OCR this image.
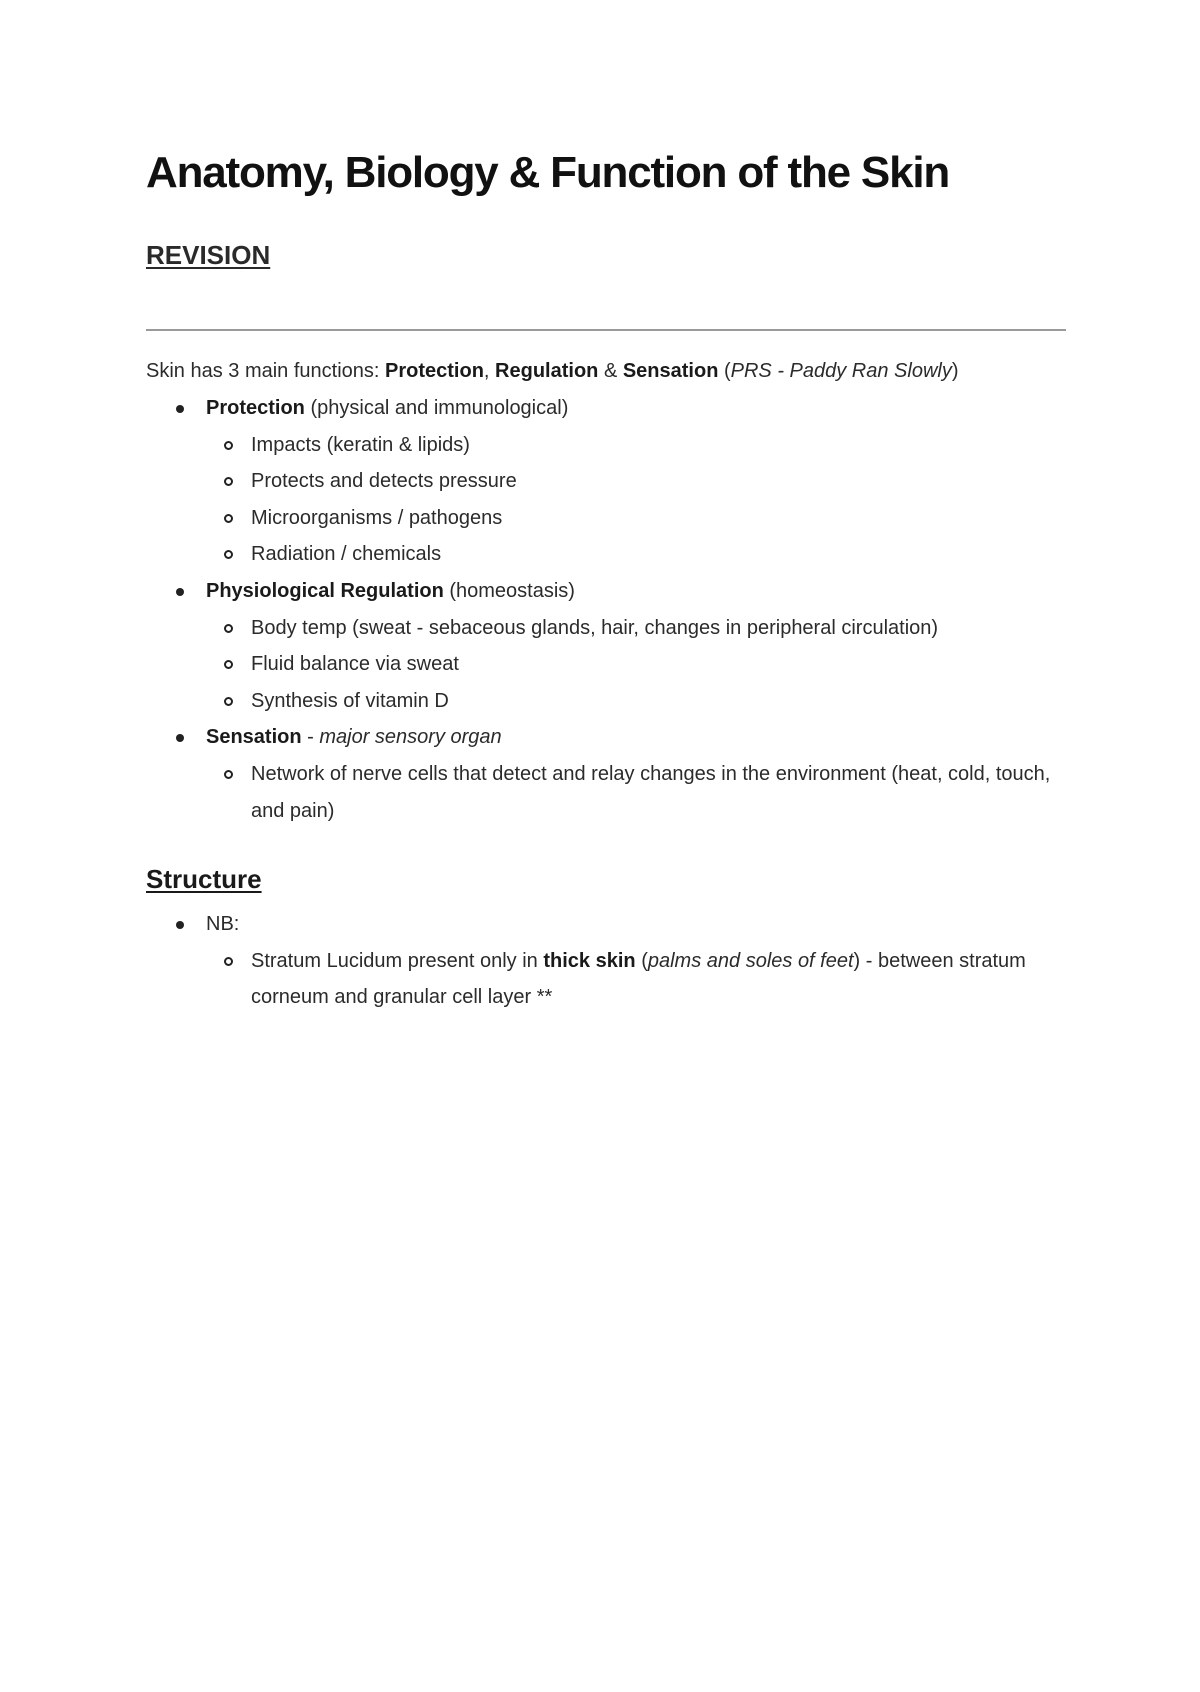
Anatomy, Biology & Function of the Skin
REVISION
Skin has 3 main functions: Protection, Regulation & Sensation (PRS - Paddy Ran Slowly)
Protection (physical and immunological)
Impacts (keratin & lipids)
Protects and detects pressure
Microorganisms / pathogens
Radiation / chemicals
Physiological Regulation (homeostasis)
Body temp (sweat - sebaceous glands, hair, changes in peripheral circulation)
Fluid balance via sweat
Synthesis of vitamin D
Sensation - major sensory organ
Network of nerve cells that detect and relay changes in the environment (heat, cold, touch, and pain)
Structure
NB:
Stratum Lucidum present only in thick skin (palms and soles of feet) - between stratum corneum and granular cell layer **
